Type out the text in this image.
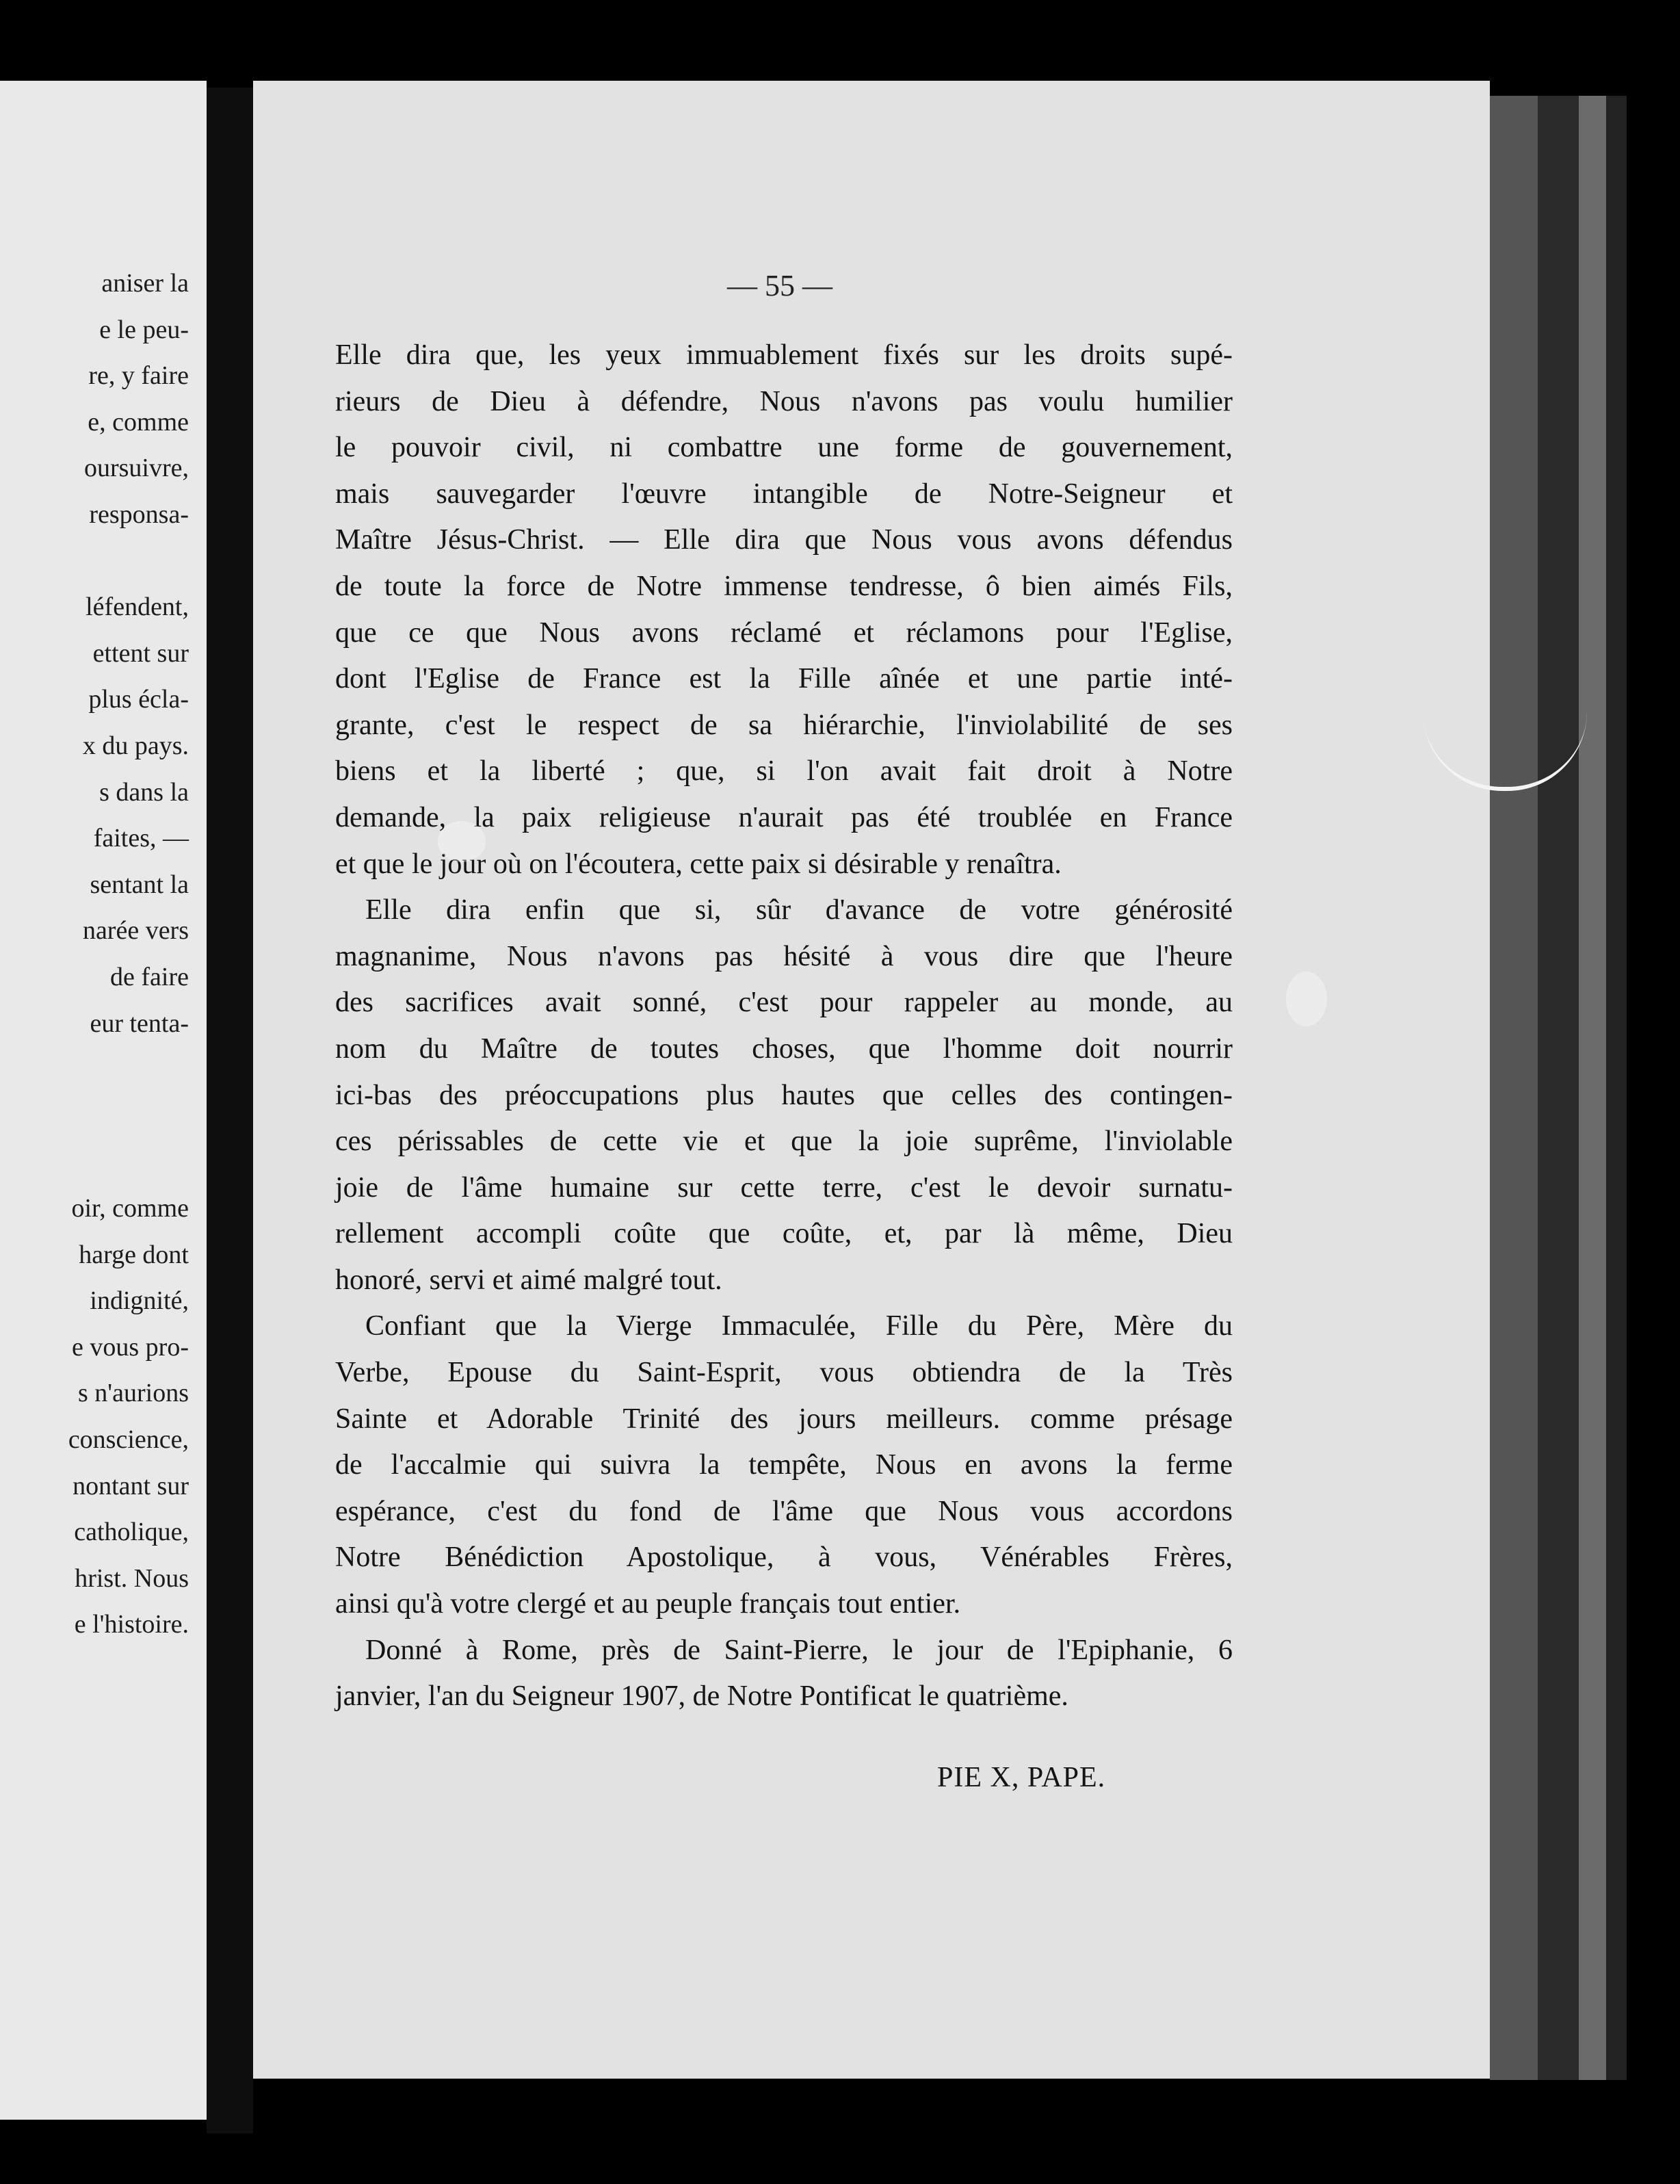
aniser la
e le peu-
re, y faire
e, comme
oursuivre,
responsa-
léfendent,
ettent sur
plus écla-
x du pays.
s dans la
faites, —
sentant la
narée vers
de faire
eur tenta-
oir, comme
harge dont
indignité,
e vous pro-
s n'aurions
conscience,
nontant sur
catholique,
hrist. Nous
e l'histoire.
— 55 —
Elle dira que, les yeux immuablement fixés sur les droits supé-
rieurs de Dieu à défendre, Nous n'avons pas voulu humilier
le pouvoir civil, ni combattre une forme de gouvernement,
mais sauvegarder l'œuvre intangible de Notre-Seigneur et
Maître Jésus-Christ. — Elle dira que Nous vous avons défendus
de toute la force de Notre immense tendresse, ô bien aimés Fils,
que ce que Nous avons réclamé et réclamons pour l'Eglise,
dont l'Eglise de France est la Fille aînée et une partie inté-
grante, c'est le respect de sa hiérarchie, l'inviolabilité de ses
biens et la liberté ; que, si l'on avait fait droit à Notre
demande, la paix religieuse n'aurait pas été troublée en France
et que le jour où on l'écoutera, cette paix si désirable y renaîtra.
Elle dira enfin que si, sûr d'avance de votre générosité
magnanime, Nous n'avons pas hésité à vous dire que l'heure
des sacrifices avait sonné, c'est pour rappeler au monde, au
nom du Maître de toutes choses, que l'homme doit nourrir
ici-bas des préoccupations plus hautes que celles des contingen-
ces périssables de cette vie et que la joie suprême, l'inviolable
joie de l'âme humaine sur cette terre, c'est le devoir surnatu-
rellement accompli coûte que coûte, et, par là même, Dieu
honoré, servi et aimé malgré tout.
Confiant que la Vierge Immaculée, Fille du Père, Mère du
Verbe, Epouse du Saint-Esprit, vous obtiendra de la Très
Sainte et Adorable Trinité des jours meilleurs. comme présage
de l'accalmie qui suivra la tempête, Nous en avons la ferme
espérance, c'est du fond de l'âme que Nous vous accordons
Notre Bénédiction Apostolique, à vous, Vénérables Frères,
ainsi qu'à votre clergé et au peuple français tout entier.
Donné à Rome, près de Saint-Pierre, le jour de l'Epiphanie, 6
janvier, l'an du Seigneur 1907, de Notre Pontificat le quatrième.
PIE X, PAPE.
